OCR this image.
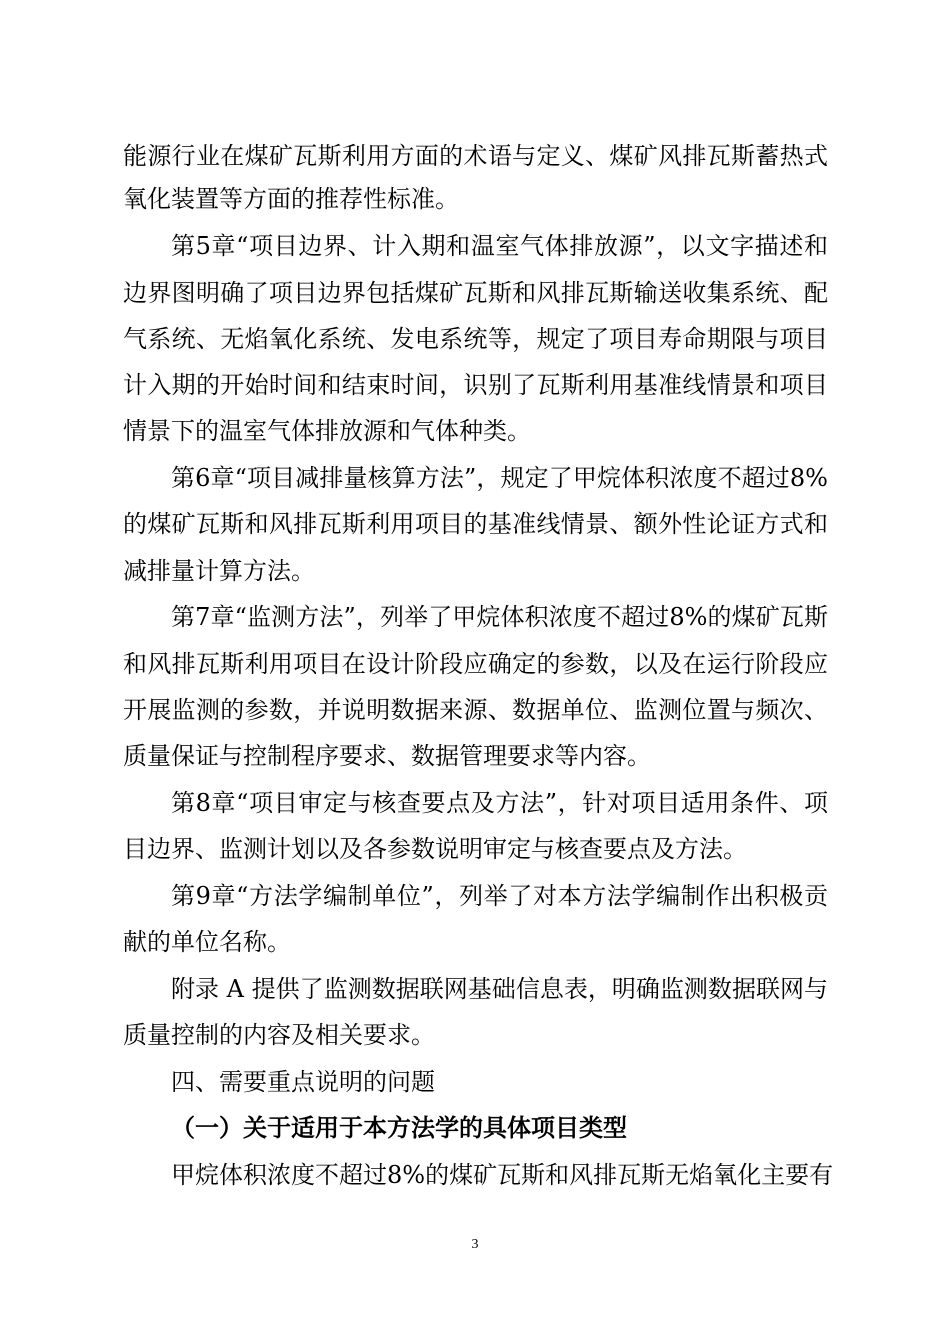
能源行业在煤矿瓦斯利用方面的术语与定义、煤矿风排瓦斯蓄热式
氧化装置等方面的推荐性标准。
第5章“项目边界、计入期和温室气体排放源”，以文字描述和
边界图明确了项目边界包括煤矿瓦斯和风排瓦斯输送收集系统、配
气系统、无焰氧化系统、发电系统等，规定了项目寿命期限与项目
计入期的开始时间和结束时间，识别了瓦斯利用基准线情景和项目
情景下的温室气体排放源和气体种类。
第6章“项目减排量核算方法”，规定了甲烷体积浓度不超过8%
的煤矿瓦斯和风排瓦斯利用项目的基准线情景、额外性论证方式和
减排量计算方法。
第7章“监测方法”，列举了甲烷体积浓度不超过8%的煤矿瓦斯
和风排瓦斯利用项目在设计阶段应确定的参数，以及在运行阶段应
开展监测的参数，并说明数据来源、数据单位、监测位置与频次、
质量保证与控制程序要求、数据管理要求等内容。
第8章“项目审定与核查要点及方法”，针对项目适用条件、项
目边界、监测计划以及各参数说明审定与核查要点及方法。
第9章“方法学编制单位”，列举了对本方法学编制作出积极贡
献的单位名称。
附录 A 提供了监测数据联网基础信息表，明确监测数据联网与
质量控制的内容及相关要求。
四、需要重点说明的问题
（一）关于适用于本方法学的具体项目类型
甲烷体积浓度不超过8%的煤矿瓦斯和风排瓦斯无焰氧化主要有
3
